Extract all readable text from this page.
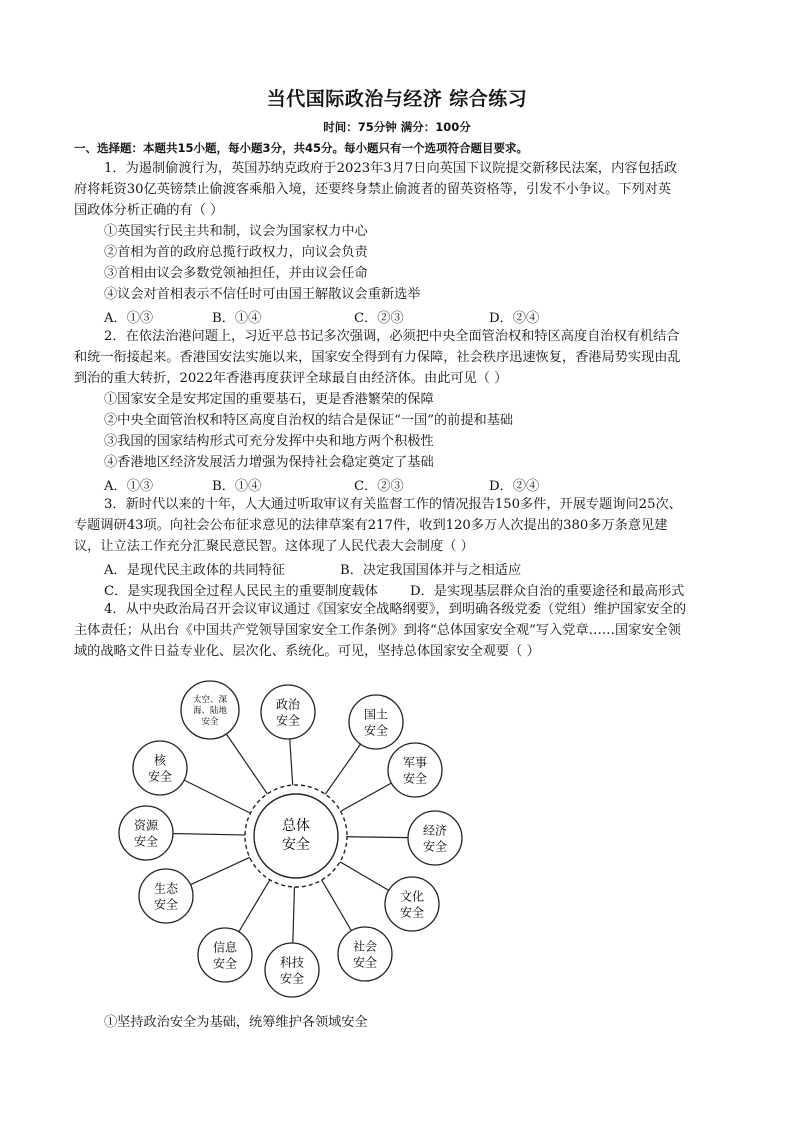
当代国际政治与经济 综合练习
时间：75分钟 满分：100分
一、选择题：本题共15小题，每小题3分，共45分。每小题只有一个选项符合题目要求。
1．为遏制偷渡行为，英国苏纳克政府于2023年3月7日向英国下议院提交新移民法案，内容包括政
府将耗资30亿英镑禁止偷渡客乘船入境，还要终身禁止偷渡者的留英资格等，引发不小争议。下列对英
国政体分析正确的有（ ）
①英国实行民主共和制，议会为国家权力中心
②首相为首的政府总揽行政权力，向议会负责
③首相由议会多数党领袖担任，并由议会任命
④议会对首相表示不信任时可由国王解散议会重新选举
A．①③	B．①④	C．②③	D．②④
2．在依法治港问题上，习近平总书记多次强调，必须把中央全面管治权和特区高度自治权有机结合
和统一衔接起来。香港国安法实施以来，国家安全得到有力保障，社会秩序迅速恢复，香港局势实现由乱
到治的重大转折，2022年香港再度获评全球最自由经济体。由此可见（ ）
①国家安全是安邦定国的重要基石，更是香港繁荣的保障
②中央全面管治权和特区高度自治权的结合是保证“一国”的前提和基础
③我国的国家结构形式可充分发挥中央和地方两个积极性
④香港地区经济发展活力增强为保持社会稳定奠定了基础
A．①③	B．①④	C．②③	D．②④
3．新时代以来的十年，人大通过听取审议有关监督工作的情况报告150多件，开展专题询问25次、
专题调研43项。向社会公布征求意见的法律草案有217件，收到120多万人次提出的380多万条意见建
议，让立法工作充分汇聚民意民智。这体现了人民代表大会制度（ ）
A．是现代民主政体的共同特征	B．决定我国国体并与之相适应
C．是实现我国全过程人民民主的重要制度载体 D．是实现基层群众自治的重要途径和最高形式
4．从中央政治局召开会议审议通过《国家安全战略纲要》，到明确各级党委（党组）维护国家安全的
主体责任；从出台《中国共产党领导国家安全工作条例》到将“总体国家安全观”写入党章……国家安全领
域的战略文件日益专业化、层次化、系统化。可见，坚持总体国家安全观要（ ）
总体
安全
政治
安全	国土
安全
军事
安全
经济
安全
文化
安全
社会
安全
科技
安全
信息
安全
生态
安全
资源
安全
核
安全
太空、深
海、陆地
安全
①坚持政治安全为基础，统筹维护各领域安全
